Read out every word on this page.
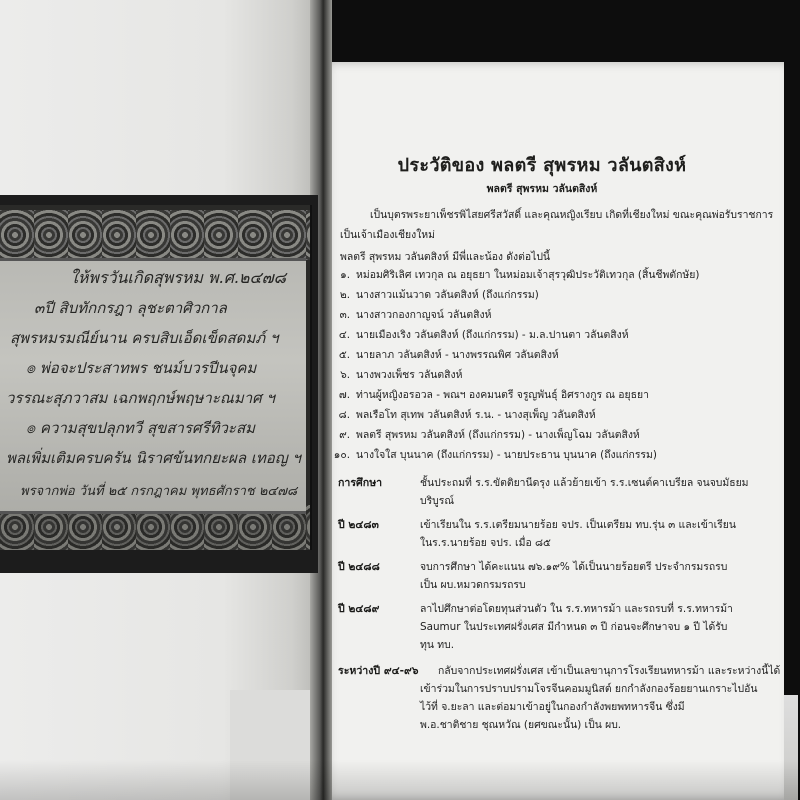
ให้พรวันเกิดสุพรหม พ.ศ.๒๔๗๘

๓ปี สิบทักกรฎา ลุชะตาศิวกาล

สุพรหมรมณีย์นาน ครบสิบเอ็ดเข็ดสดมภ์ ฯ

๏ พ่อจะประสาทพร ชนม์บวรปีนจุคม

วรรณะสุภวาสม เฉกพฤกษ์พฤษาะณมาศ ฯ

๏ ความสุขปลุกทวี สุขสารศรีทิวะสม

พลเพิ่มเติมครบครัน นิราศข้นทกยะผล เทอญ ฯ

พรจากพ่อ วันที่ ๒๕ กรกฎาคม พุทธศักราช ๒๔๗๘

ประวัติของ พลตรี สุพรหม วลันตสิงห์

พลตรี สุพรหม วลันตสิงห์

เป็นบุตรพระยาเพ็ชรพิไสยศรีสวัสดิ์ และคุณหญิงเรียบ เกิดที่เชียงใหม่ ขณะคุณพ่อรับราชการ

เป็นเจ้าเมืองเชียงใหม่

พลตรี สุพรหม วลันตสิงห์ มีพี่และน้อง ดังต่อไปนี้

๑. หม่อมศิริเลิศ เทวกุล ณ อยุธยา ในหม่อมเจ้าสุรวุฒิประวัติเทวกุล (สิ้นชีพตักษัย)

๒. นางสาวแม้นวาด วลันตสิงห์ (ถึงแก่กรรม)

๓. นางสาวกองกาญจน์ วลันตสิงห์

๔. นายเมืองเริง วลันตสิงห์ (ถึงแก่กรรม) - ม.ล.ปานตา วลันตสิงห์

๕. นายลาภ วลันตสิงห์ - นางพรรณพิศ วลันตสิงห์

๖. นางพวงเพ็ชร วลันตสิงห์

๗. ท่านผู้หญิงอรอวล - พณฯ องคมนตรี จรูญพันธุ์ อิศรางกูร ณ อยุธยา

๘. พลเรือโท สุเทพ วลันตสิงห์ ร.น. - นางสุเพ็ญ วลันตสิงห์

๙. พลตรี สุพรหม วลันตสิงห์ (ถึงแก่กรรม) - นางเพ็ญโฉม วลันตสิงห์

๑๐. นางใจใส บุนนาค (ถึงแก่กรรม) - นายประธาน บุนนาค (ถึงแก่กรรม)

การศึกษา	ชั้นประถมที่ ร.ร.ขัตติยานีดรุง แล้วย้ายเข้า ร.ร.เซนต์คาเบรียล จนจบมัธยม

บริบูรณ์

ปี ๒๔๘๓	เข้าเรียนใน ร.ร.เตรียมนายร้อย จปร. เป็นเตรียม ทบ.รุ่น ๓ และเข้าเรียน

ในร.ร.นายร้อย จปร. เมื่อ ๘๕

ปี ๒๔๘๘	จบการศึกษา ได้คะแนน ๗๖.๑๙% ได้เป็นนายร้อยตรี ประจำกรมรถรบ

เป็น ผบ.หมวดกรมรถรบ

ปี ๒๔๘๙	ลาไปศึกษาต่อโดยทุนส่วนตัว ใน ร.ร.ทหารม้า และรถรบที่ ร.ร.ทหารม้า

Saumur ในประเทศฝรั่งเศส มีกำหนด ๓ ปี ก่อนจะศึกษาจบ ๑ ปี ได้รับ

ทุน ทบ.

ระหว่างปี ๙๔-๙๖ กลับจากประเทศฝรั่งเศส เข้าเป็นเลขานุการโรงเรียนทหารม้า และระหว่างนี้ได้

เข้าร่วมในการปราบปรามโจรจีนคอมมูนิสต์ ยกกำลังกองร้อยยานเกราะไปอัน

ไว้ที่ จ.ยะลา และต่อมาเข้าอยู่ในกองกำลังพยพทหารจีน ซึ่งมี

พ.อ.ชาติชาย ชุณหวัณ (ยศขณะนั้น) เป็น ผบ.
